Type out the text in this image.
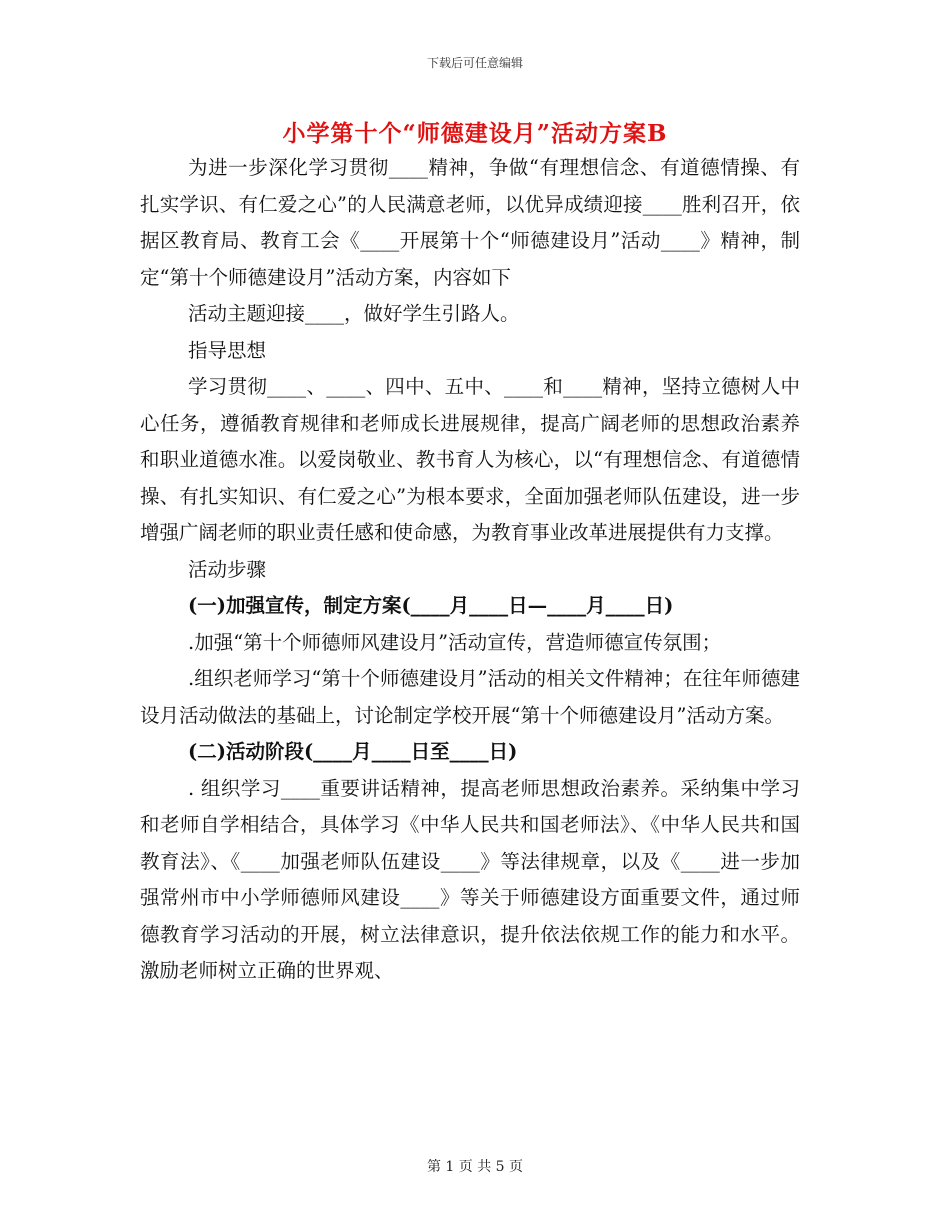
下载后可任意编辑
小学第十个“师德建设月”活动方案B

为进一步深化学习贯彻____精神，争做“有理想信念、有道德情操、有扎实学识、有仁爱之心”的人民满意老师，以优异成绩迎接____胜利召开，依据区教育局、教育工会《____开展第十个“师德建设月”活动____》精神，制定“第十个师德建设月”活动方案，内容如下

活动主题迎接____，做好学生引路人。

指导思想

学习贯彻____、____、四中、五中、____和____精神，坚持立德树人中心任务，遵循教育规律和老师成长进展规律，提高广阔老师的思想政治素养和职业道德水准。以爱岗敬业、教书育人为核心，以“有理想信念、有道德情操、有扎实知识、有仁爱之心”为根本要求，全面加强老师队伍建设，进一步增强广阔老师的职业责任感和使命感，为教育事业改革进展提供有力支撑。

活动步骤

(一)加强宣传，制定方案(____月____日—____月____日)

.加强“第十个师德师风建设月”活动宣传，营造师德宣传氛围；

.组织老师学习“第十个师德建设月”活动的相关文件精神；在往年师德建设月活动做法的基础上，讨论制定学校开展“第十个师德建设月”活动方案。

(二)活动阶段(____月____日至____日)

. 组织学习____重要讲话精神，提高老师思想政治素养。采纳集中学习和老师自学相结合，具体学习《中华人民共和国老师法》、《中华人民共和国教育法》、《____加强老师队伍建设____》等法律规章，以及《____进一步加强常州市中小学师德师风建设____》等关于师德建设方面重要文件，通过师德教育学习活动的开展，树立法律意识，提升依法依规工作的能力和水平。激励老师树立正确的世界观、

第 1 页 共 5 页
